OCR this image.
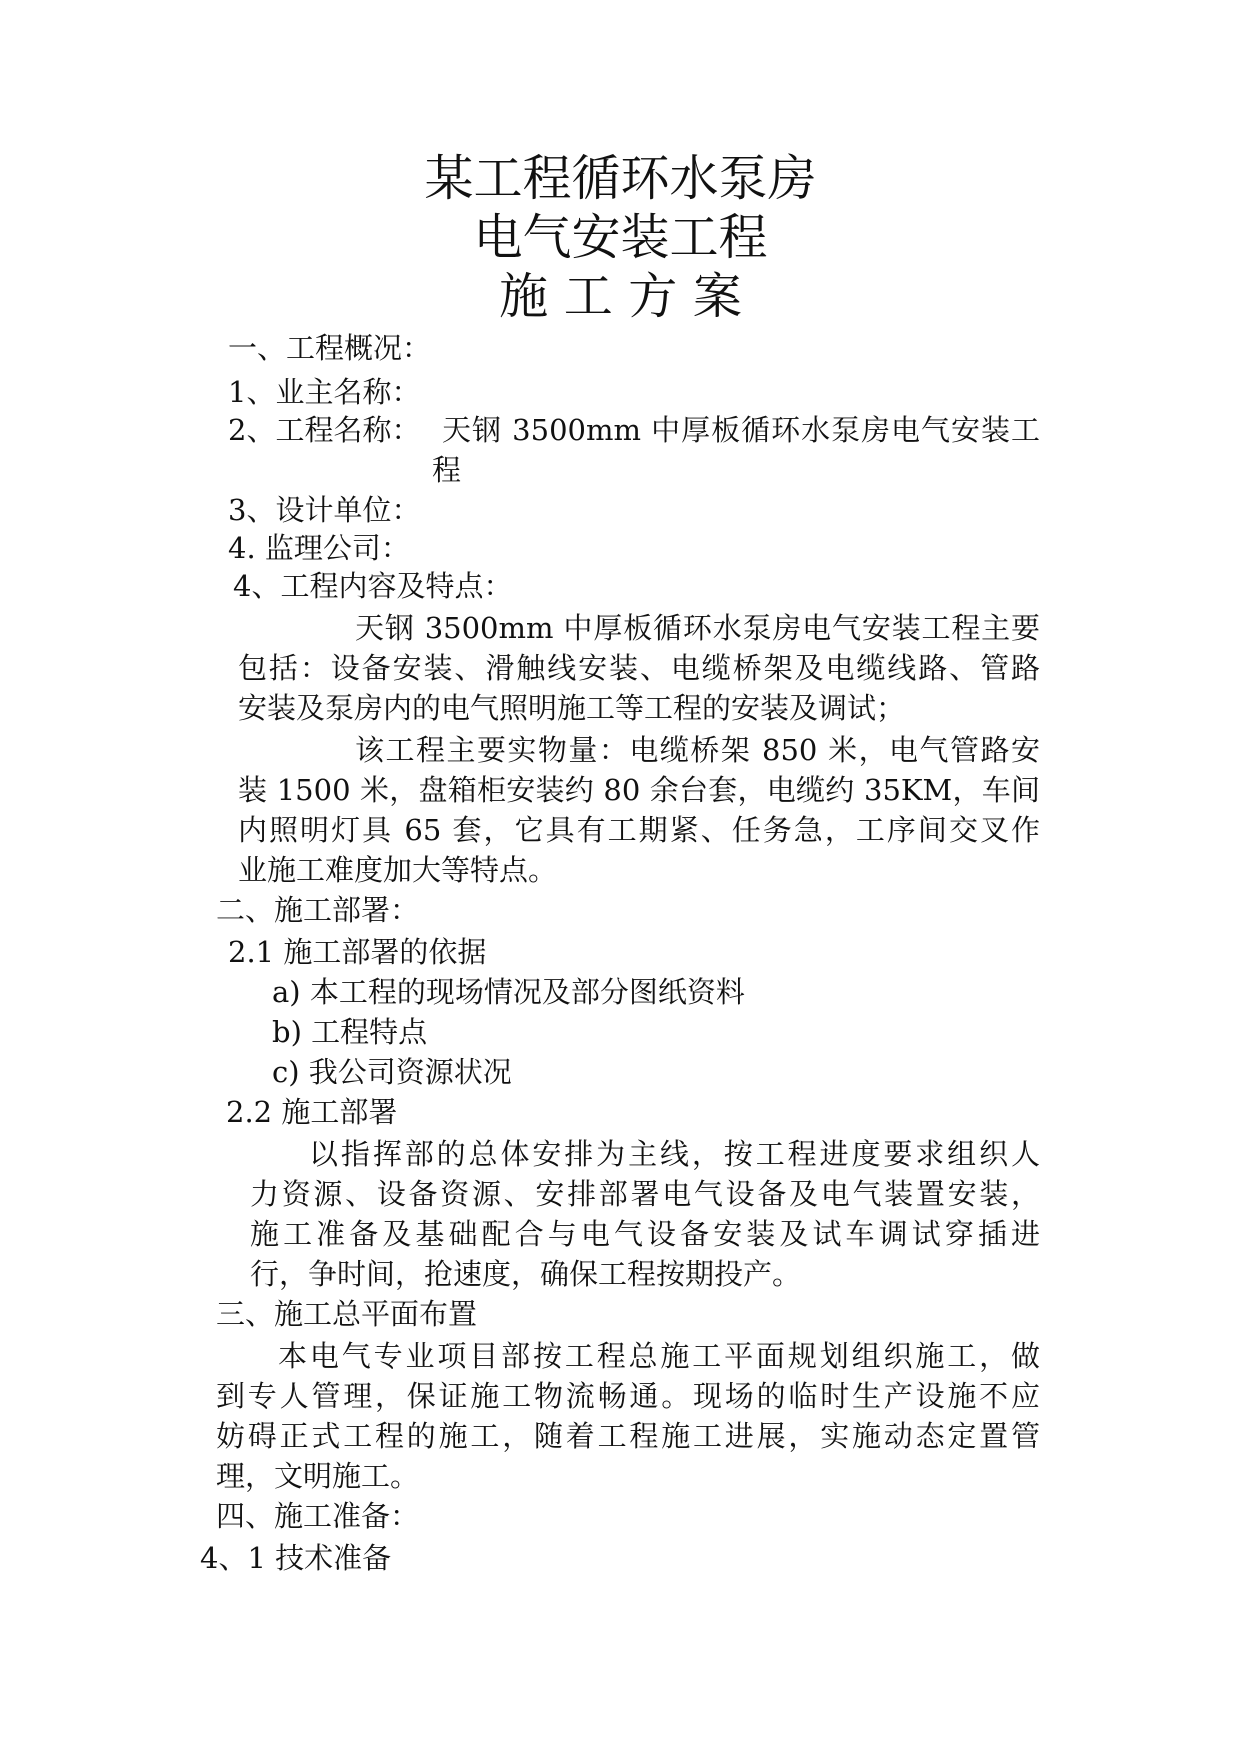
某工程循环水泵房
电气安装工程
施 工 方 案
一、工程概况：
1、业主名称：
2、工程名称： 天钢 3500mm 中厚板循环水泵房电气安装工
程
3、设计单位：
4. 监理公司：
4、工程内容及特点：
天钢 3500mm 中厚板循环水泵房电气安装工程主要
包括：设备安装、滑触线安装、电缆桥架及电缆线路、管路
安装及泵房内的电气照明施工等工程的安装及调试；
该工程主要实物量：电缆桥架 850 米，电气管路安
装 1500 米，盘箱柜安装约 80 余台套，电缆约 35KM，车间
内照明灯具 65 套，它具有工期紧、任务急，工序间交叉作
业施工难度加大等特点。
二、施工部署：
2.1 施工部署的依据
a) 本工程的现场情况及部分图纸资料
b) 工程特点
c) 我公司资源状况
2.2 施工部署
以指挥部的总体安排为主线，按工程进度要求组织人
力资源、设备资源、安排部署电气设备及电气装置安装，
施工准备及基础配合与电气设备安装及试车调试穿插进
行，争时间，抢速度，确保工程按期投产。
三、施工总平面布置
本电气专业项目部按工程总施工平面规划组织施工，做
到专人管理，保证施工物流畅通。现场的临时生产设施不应
妨碍正式工程的施工，随着工程施工进展，实施动态定置管
理，文明施工。
四、施工准备：
4、1 技术准备
